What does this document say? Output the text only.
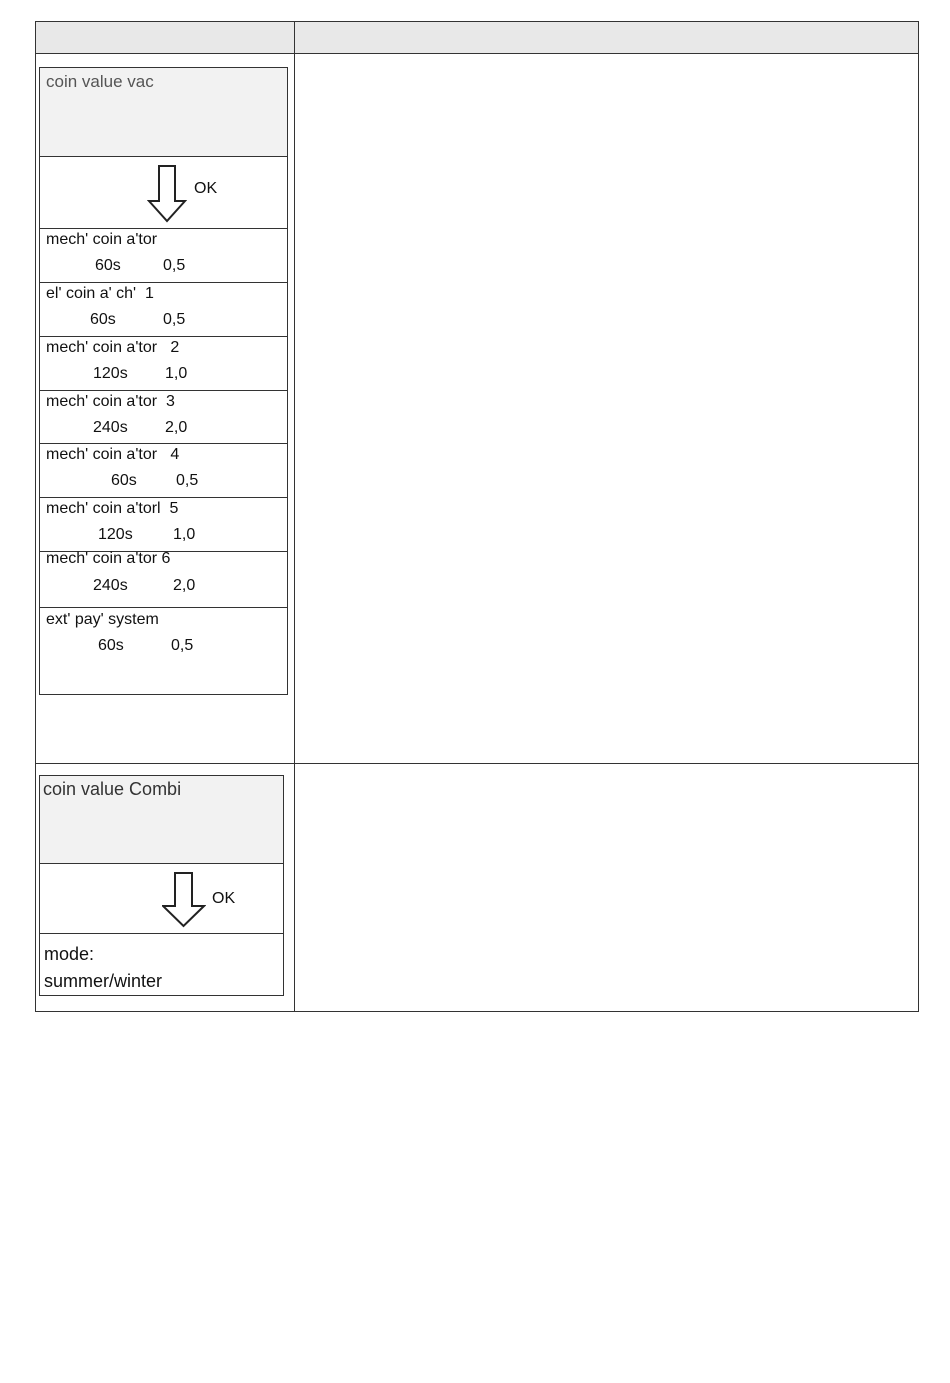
coin value vac
OK
mech' coin a'tor
60s	0,5
el' coin a' ch'  1
60s	0,5
mech' coin a'tor   2
120s 1,0
mech' coin a'tor  3
240s 2,0
mech' coin a'tor   4
60s 0,5
mech' coin a'torl  5
120s	1,0
mech' coin a'tor 6
240s	2,0
ext' pay' system
60s	0,5
coin value Combi
OK
mode:
summer/winter
